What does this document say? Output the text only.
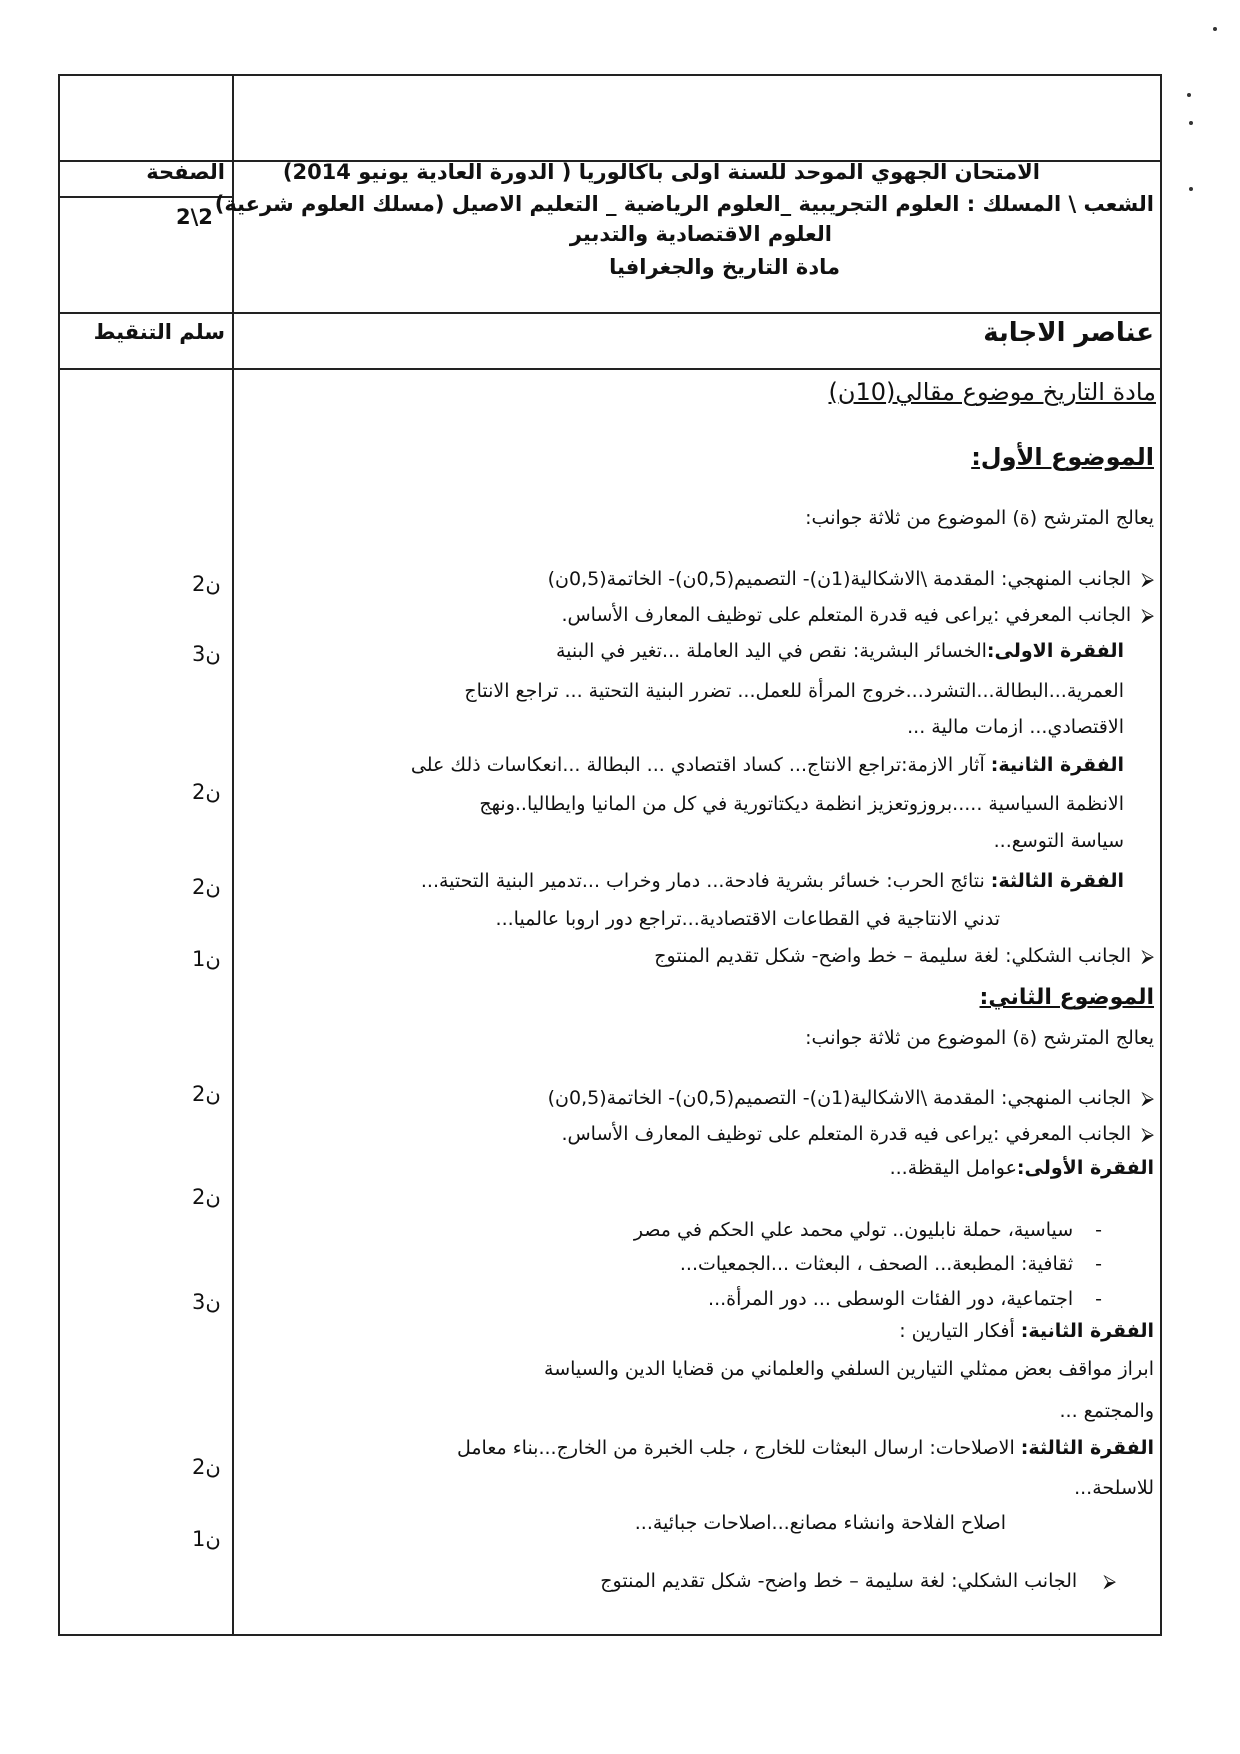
الامتحان الجهوي الموحد للسنة اولى باكالوريا ( الدورة العادية يونيو 2014)
الشعب \ المسلك : العلوم التجريبية _العلوم الرياضية _ التعليم الاصيل (مسلك العلوم شرعية)
العلوم الاقتصادية والتدبير
مادة التاريخ والجغرافيا
الصفحة
2\2
عناصر الاجابة
سلم التنقيط
مادة التاريخ موضوع مقالي(10ن)
الموضوع الأول:
يعالج المترشح (ة) الموضوع من ثلاثة جوانب:
⮚الجانب المنهجي: المقدمة \الاشكالية(1ن)- التصميم(0,5ن)- الخاتمة(0,5ن)
⮚الجانب المعرفي :يراعى فيه قدرة المتعلم على توظيف المعارف الأساس.
الفقرة الاولى:الخسائر البشرية: نقص في اليد العاملة ...تغير في البنية
العمرية...البطالة...التشرد...خروج المرأة للعمل... تضرر البنية التحتية ... تراجع الانتاج
الاقتصادي... ازمات مالية ...
الفقرة الثانية: آثار الازمة:تراجع الانتاج... كساد اقتصادي ... البطالة ...انعكاسات ذلك على
الانظمة السياسية .....بروزوتعزيز انظمة ديكتاتورية في كل من المانيا وايطاليا..ونهج
سياسة التوسع...
الفقرة الثالثة: نتائج الحرب: خسائر بشرية فادحة... دمار وخراب ...تدمير البنية التحتية...
تدني الانتاجية في القطاعات الاقتصادية...تراجع دور اروبا عالميا...
⮚الجانب الشكلي: لغة سليمة – خط واضح- شكل تقديم المنتوج
2ن
3ن
2ن
2ن
1ن
الموضوع الثاني:
يعالج المترشح (ة) الموضوع من ثلاثة جوانب:
⮚الجانب المنهجي: المقدمة \الاشكالية(1ن)- التصميم(0,5ن)- الخاتمة(0,5ن)
⮚الجانب المعرفي :يراعى فيه قدرة المتعلم على توظيف المعارف الأساس.
الفقرة الأولى:عوامل اليقظة...
-سياسية، حملة نابليون.. تولي محمد علي الحكم في مصر
-ثقافية: المطبعة... الصحف ، البعثات ...الجمعيات...
-اجتماعية، دور الفئات الوسطى ... دور المرأة...
الفقرة الثانية: أفكار التيارين :
ابراز مواقف بعض ممثلي التيارين السلفي والعلماني من قضايا الدين والسياسة
والمجتمع ...
الفقرة الثالثة: الاصلاحات: ارسال البعثات للخارج ، جلب الخبرة من الخارج...بناء معامل
للاسلحة...
اصلاح الفلاحة وانشاء مصانع...اصلاحات جبائية...
⮚الجانب الشكلي: لغة سليمة – خط واضح- شكل تقديم المنتوج
2ن
2ن
3ن
2ن
1ن
